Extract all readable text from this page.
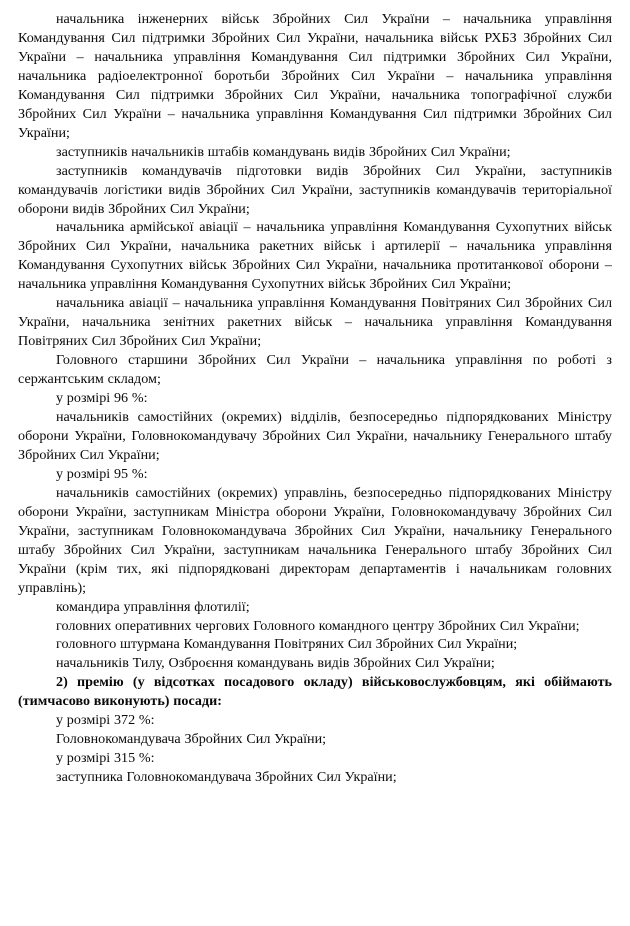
начальника інженерних військ Збройних Сил України – начальника управління Командування Сил підтримки Збройних Сил України, начальника військ РХБЗ Збройних Сил України – начальника управління Командування Сил підтримки Збройних Сил України, начальника радіоелектронної боротьби Збройних Сил України – начальника управління Командування Сил підтримки Збройних Сил України, начальника топографічної служби Збройних Сил України – начальника управління Командування Сил підтримки Збройних Сил України;

заступників начальників штабів командувань видів Збройних Сил України;

заступників командувачів підготовки видів Збройних Сил України, заступників командувачів логістики видів Збройних Сил України, заступників командувачів територіальної оборони видів Збройних Сил України;

начальника армійської авіації – начальника управління Командування Сухопутних військ Збройних Сил України, начальника ракетних військ і артилерії – начальника управління Командування Сухопутних військ Збройних Сил України, начальника протитанкової оборони – начальника управління Командування Сухопутних військ Збройних Сил України;

начальника авіації – начальника управління Командування Повітряних Сил Збройних Сил України, начальника зенітних ракетних військ – начальника управління Командування Повітряних Сил Збройних Сил України;

Головного старшини Збройних Сил України – начальника управління по роботі з сержантським складом;

у розмірі 96 %:

начальників самостійних (окремих) відділів, безпосередньо підпорядкованих Міністру оборони України, Головнокомандувачу Збройних Сил України, начальнику Генерального штабу Збройних Сил України;

у розмірі 95 %:

начальників самостійних (окремих) управлінь, безпосередньо підпорядкованих Міністру оборони України, заступникам Міністра оборони України, Головнокомандувачу Збройних Сил України, заступникам Головнокомандувача Збройних Сил України, начальнику Генерального штабу Збройних Сил України, заступникам начальника Генерального штабу Збройних Сил України (крім тих, які підпорядковані директорам департаментів і начальникам головних управлінь);

командира управління флотилії;

головних оперативних чергових Головного командного центру Збройних Сил України;

головного штурмана Командування Повітряних Сил Збройних Сил України;

начальників Тилу, Озброєння командувань видів Збройних Сил України;

2) премію (у відсотках посадового окладу) військовослужбовцям, які обіймають (тимчасово виконують) посади:

у розмірі 372 %:

Головнокомандувача Збройних Сил України;

у розмірі 315 %:

заступника Головнокомандувача Збройних Сил України;
